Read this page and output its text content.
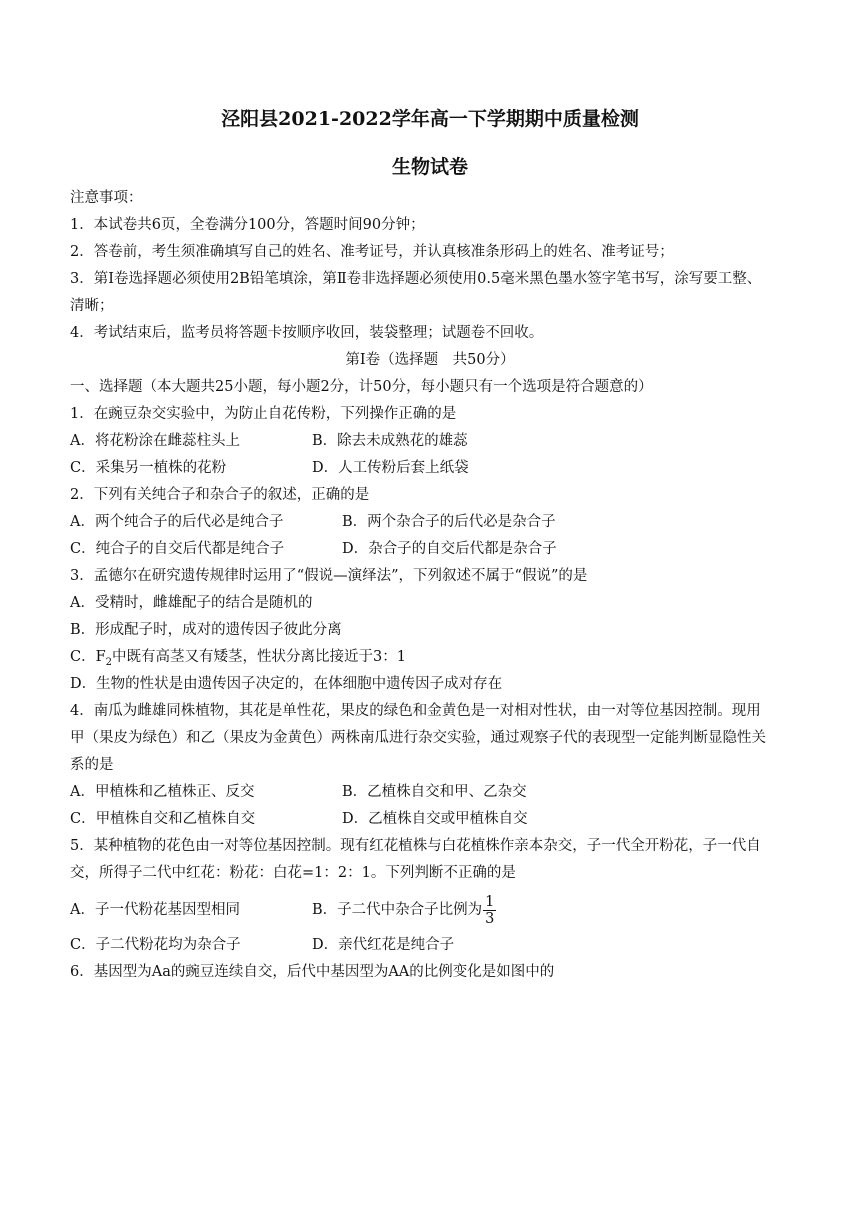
泾阳县2021-2022学年高一下学期期中质量检测
生物试卷
注意事项：
1．本试卷共6页，全卷满分100分，答题时间90分钟；
2．答卷前，考生须准确填写自己的姓名、准考证号，并认真核准条形码上的姓名、准考证号；
3．第Ⅰ卷选择题必须使用2B铅笔填涂，第Ⅱ卷非选择题必须使用0.5毫米黑色墨水签字笔书写，涂写要工整、
清晰；
4．考试结束后，监考员将答题卡按顺序收回，装袋整理；试题卷不回收。
第Ⅰ卷（选择题　共50分）
一、选择题（本大题共25小题，每小题2分，计50分，每小题只有一个选项是符合题意的）
1．在豌豆杂交实验中，为防止自花传粉，下列操作正确的是
A．将花粉涂在雌蕊柱头上	B．除去未成熟花的雄蕊
C．采集另一植株的花粉	D．人工传粉后套上纸袋
2．下列有关纯合子和杂合子的叙述，正确的是
A．两个纯合子的后代必是纯合子	B．两个杂合子的后代必是杂合子
C．纯合子的自交后代都是纯合子	D．杂合子的自交后代都是杂合子
3．孟德尔在研究遗传规律时运用了“假说—演绎法”，下列叙述不属于“假说”的是
A．受精时，雌雄配子的结合是随机的
B．形成配子时，成对的遗传因子彼此分离
C．$F_2$中既有高茎又有矮茎，性状分离比接近于3：1
D．生物的性状是由遗传因子决定的，在体细胞中遗传因子成对存在
4．南瓜为雌雄同株植物，其花是单性花，果皮的绿色和金黄色是一对相对性状，由一对等位基因控制。现用
甲（果皮为绿色）和乙（果皮为金黄色）两株南瓜进行杂交实验，通过观察子代的表现型一定能判断显隐性关
系的是
A．甲植株和乙植株正、反交	B．乙植株自交和甲、乙杂交
C．甲植株自交和乙植株自交	D．乙植株自交或甲植株自交
5．某种植物的花色由一对等位基因控制。现有红花植株与白花植株作亲本杂交，子一代全开粉花，子一代自
交，所得子二代中红花：粉花：白花=1：2：1。下列判断不正确的是
A．子一代粉花基因型相同	B．子二代中杂合子比例为 $\frac{1}{3}$
C．子二代粉花均为杂合子	D．亲代红花是纯合子
6．基因型为Aa的豌豆连续自交，后代中基因型为AA的比例变化是如图中的
